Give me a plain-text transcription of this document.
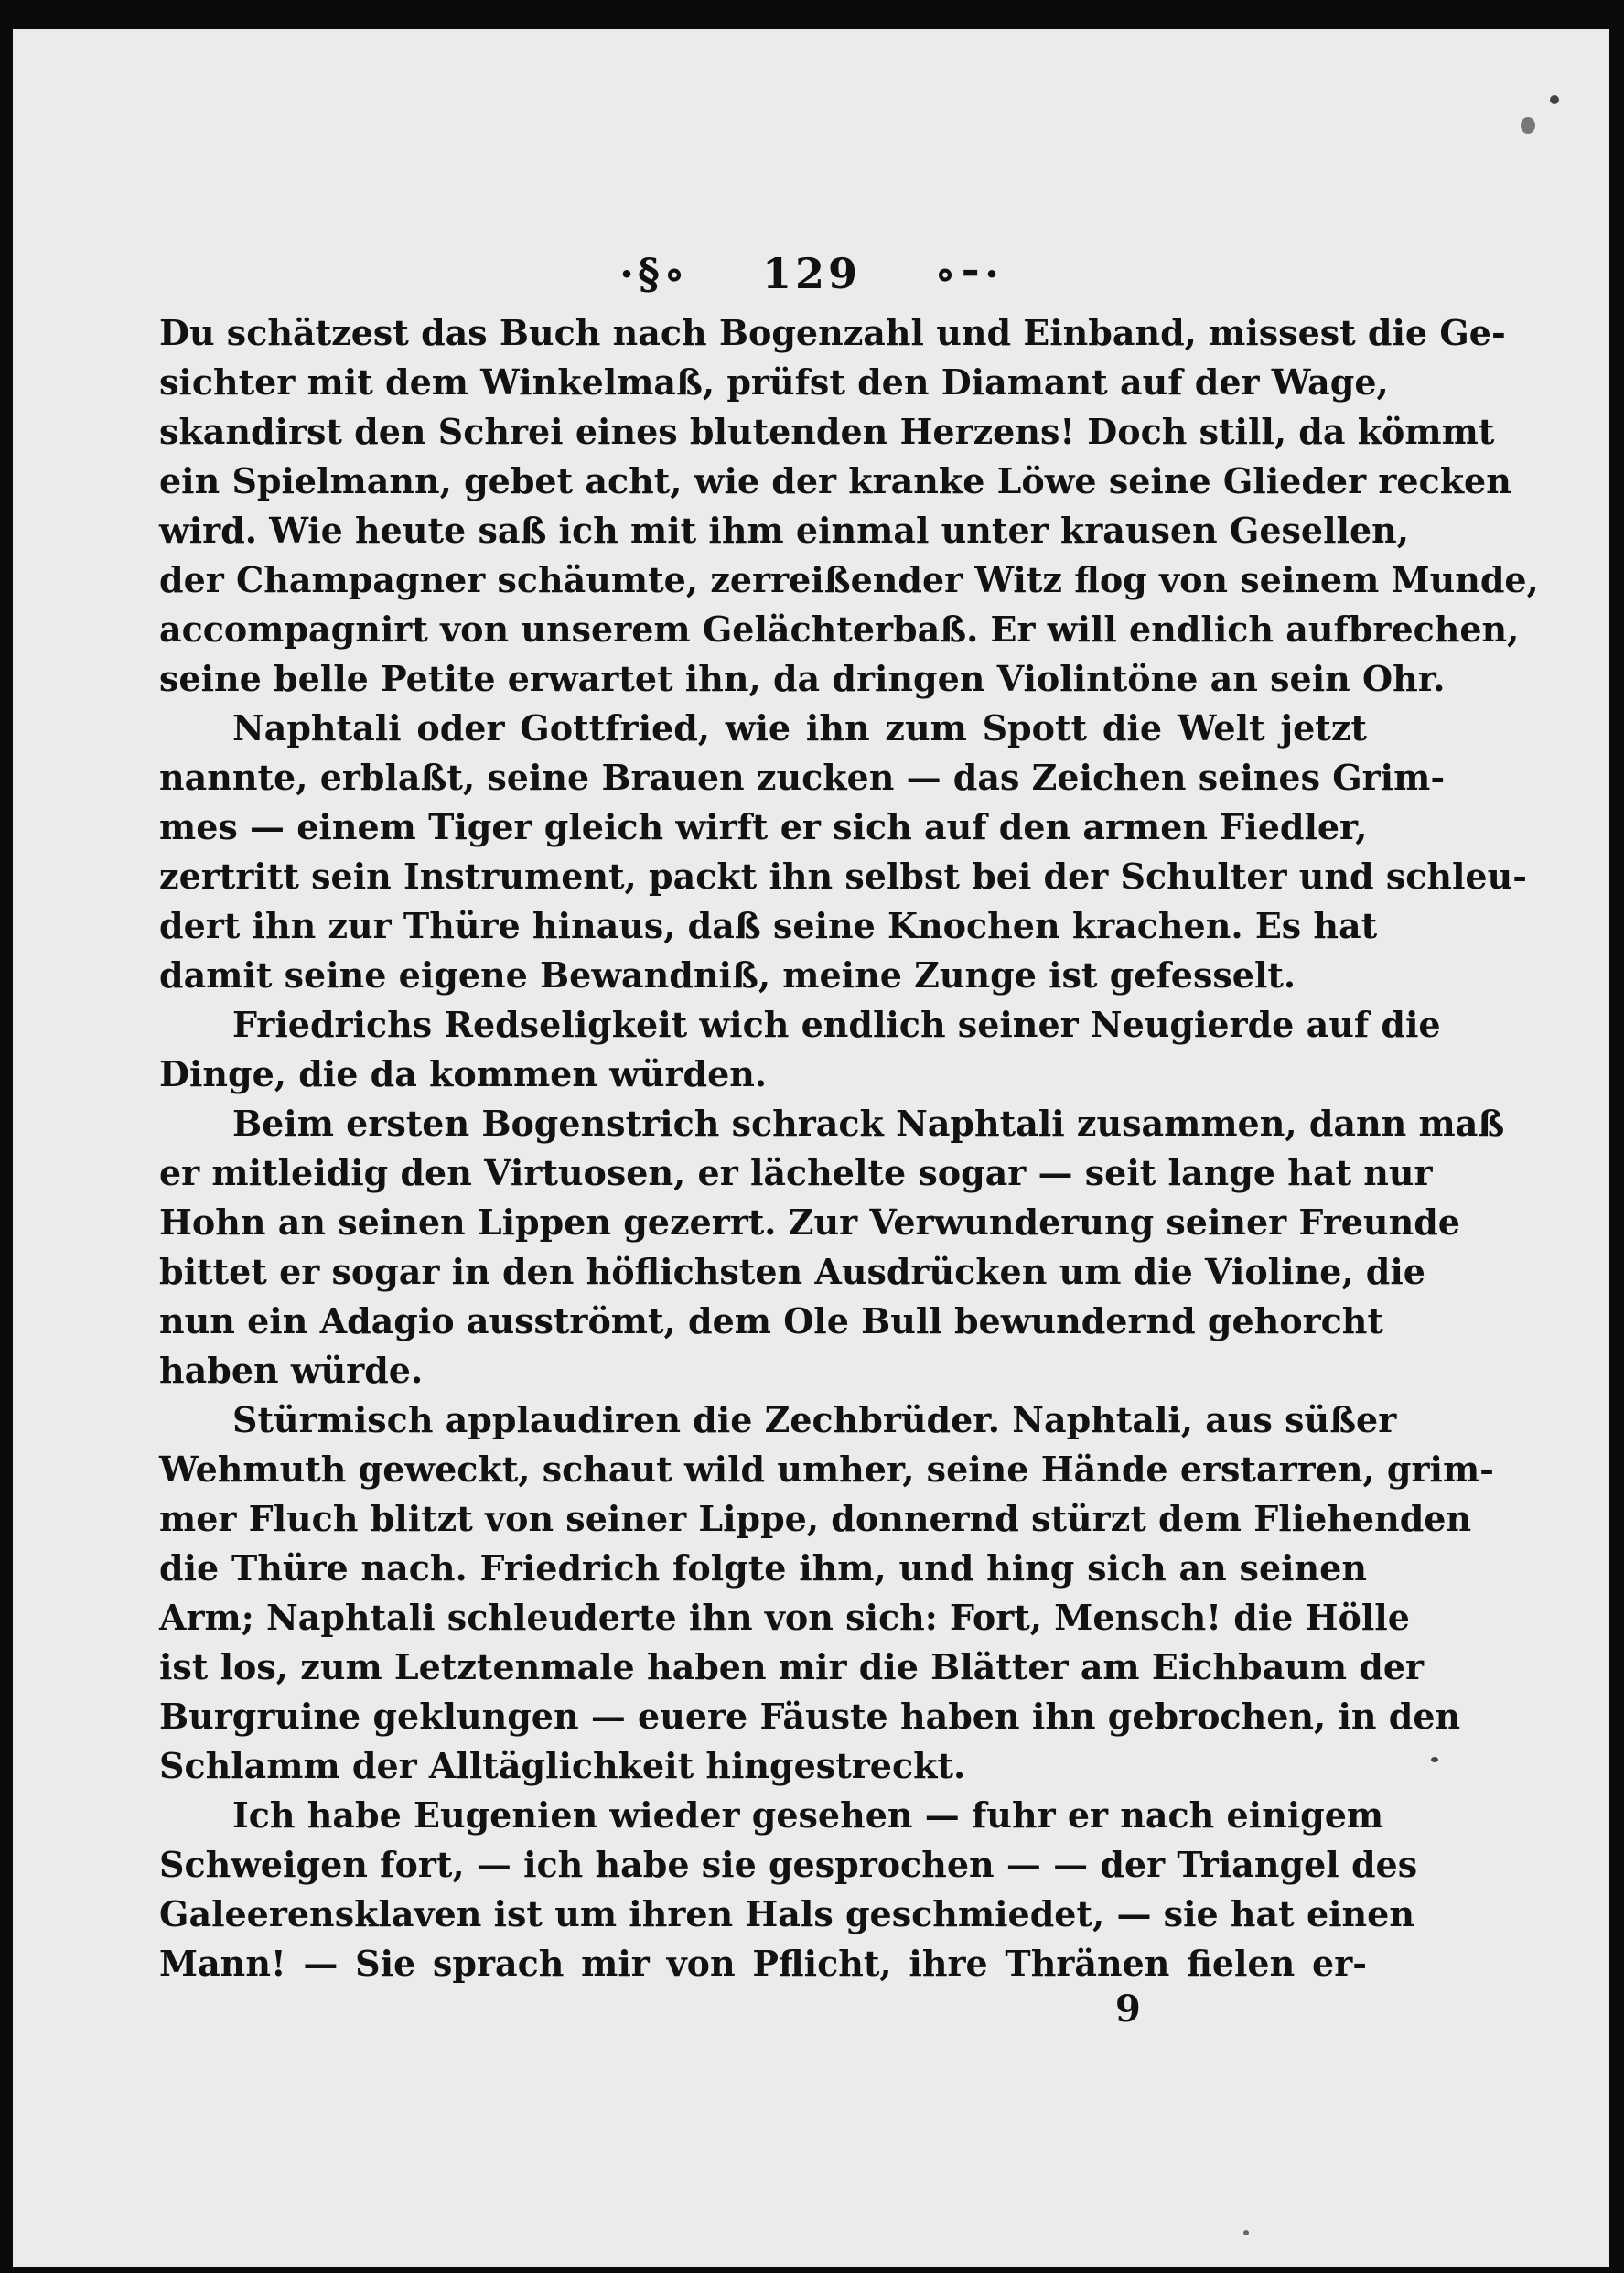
·§∘ 129 ∘⁃·
Du schätzest das Buch nach Bogenzahl und Einband, missest die Ge-
sichter mit dem Winkelmaß, prüfst den Diamant auf der Wage,
skandirst den Schrei eines blutenden Herzens! Doch still, da kömmt
ein Spielmann, gebet acht, wie der kranke Löwe seine Glieder recken
wird. Wie heute saß ich mit ihm einmal unter krausen Gesellen,
der Champagner schäumte, zerreißender Witz flog von seinem Munde,
accompagnirt von unserem Gelächterbaß. Er will endlich aufbrechen,
seine belle Petite erwartet ihn, da dringen Violintöne an sein Ohr.
Naphtali oder Gottfried, wie ihn zum Spott die Welt jetzt
nannte, erblaßt, seine Brauen zucken — das Zeichen seines Grim-
mes — einem Tiger gleich wirft er sich auf den armen Fiedler,
zertritt sein Instrument, packt ihn selbst bei der Schulter und schleu-
dert ihn zur Thüre hinaus, daß seine Knochen krachen. Es hat
damit seine eigene Bewandniß, meine Zunge ist gefesselt.
Friedrichs Redseligkeit wich endlich seiner Neugierde auf die
Dinge, die da kommen würden.
Beim ersten Bogenstrich schrack Naphtali zusammen, dann maß
er mitleidig den Virtuosen, er lächelte sogar — seit lange hat nur
Hohn an seinen Lippen gezerrt. Zur Verwunderung seiner Freunde
bittet er sogar in den höflichsten Ausdrücken um die Violine, die
nun ein Adagio ausströmt, dem Ole Bull bewundernd gehorcht
haben würde.
Stürmisch applaudiren die Zechbrüder. Naphtali, aus süßer
Wehmuth geweckt, schaut wild umher, seine Hände erstarren, grim-
mer Fluch blitzt von seiner Lippe, donnernd stürzt dem Fliehenden
die Thüre nach. Friedrich folgte ihm, und hing sich an seinen
Arm; Naphtali schleuderte ihn von sich: Fort, Mensch! die Hölle
ist los, zum Letztenmale haben mir die Blätter am Eichbaum der
Burgruine geklungen — euere Fäuste haben ihn gebrochen, in den
Schlamm der Alltäglichkeit hingestreckt.
Ich habe Eugenien wieder gesehen — fuhr er nach einigem
Schweigen fort, — ich habe sie gesprochen — — der Triangel des
Galeerensklaven ist um ihren Hals geschmiedet, — sie hat einen
Mann! — Sie sprach mir von Pflicht, ihre Thränen fielen er-
9
